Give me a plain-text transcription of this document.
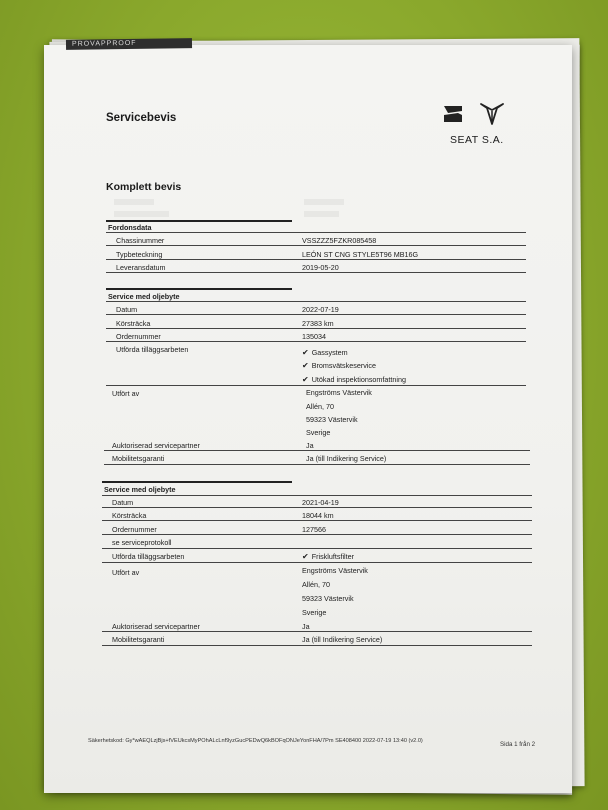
PROVAPPROOF
Servicebevis
SEAT S.A.
Komplett bevis
Fordonsdata
Chassinummer	VSSZZZ5FZKR085458
Typbeteckning	LEÓN ST CNG STYLE5T96 MB16G
Leveransdatum	2019-05-20
Service med oljebyte
Datum	2022-07-19
Körsträcka	27383 km
Ordernummer	135034
Utförda tilläggsarbeten	✔ Gassystem
✔ Bromsvätskeservice
✔ Utökad inspektionsomfattning
Utfört av	Engströms Västervik
Allén, 70
59323 Västervik
Sverige
Auktoriserad servicepartner	Ja
Mobilitetsgaranti	Ja (till Indikering Service)
Service med oljebyte
Datum	2021-04-19
Körsträcka	18044 km
Ordernummer	127566
se serviceprotokoll
Utförda tilläggsarbeten	✔ Friskluftsfilter
Utfört av	Engströms Västervik
Allén, 70
59323 Västervik
Sverige
Auktoriserad servicepartner	Ja
Mobilitetsgaranti	Ja (till Indikering Service)
Säkerhetskod: Gy*wAEQLzjBjs+fVEUkcsMyPOhALcLnf9yzGucPEDwQ6kBOFqONJeYonFHA/7Pm SE408400 2022-07-19 13:40 (v2.0)	Sida 1 från 2
